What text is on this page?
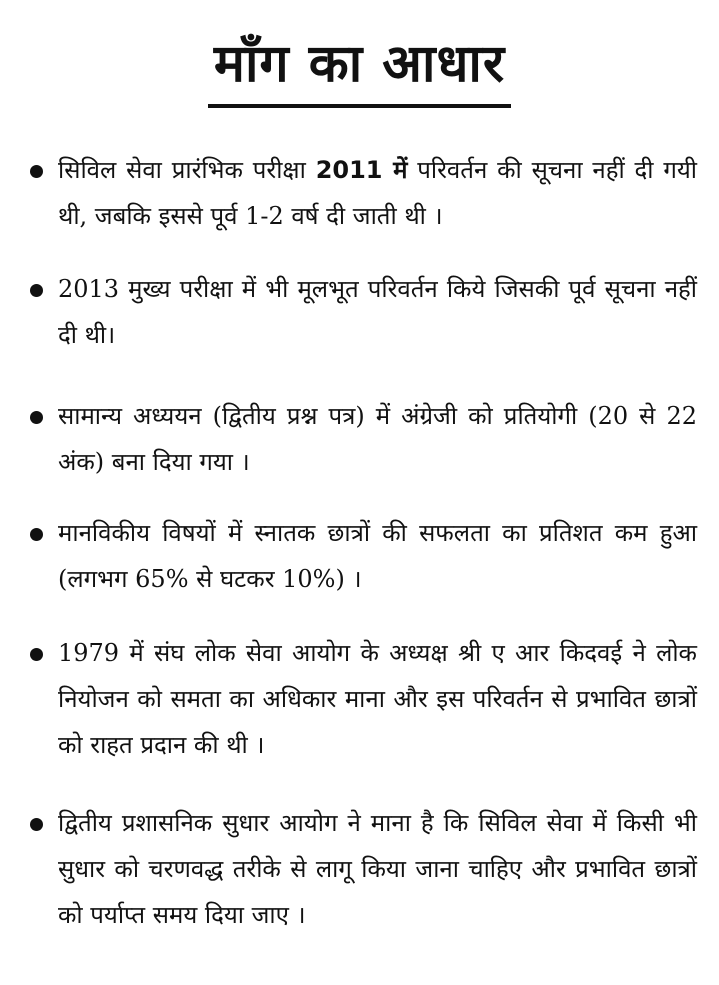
माँग का आधार
सिविल सेवा प्रारंभिक परीक्षा 2011 में परिवर्तन की सूचना नहीं दी गयी थी, जबकि इससे पूर्व 1-2 वर्ष दी जाती थी ।
2013 मुख्य परीक्षा में भी मूलभूत परिवर्तन किये जिसकी पूर्व सूचना नहीं दी थी।
सामान्य अध्ययन (द्वितीय प्रश्न पत्र) में अंग्रेजी को प्रतियोगी (20 से 22 अंक) बना दिया गया ।
मानविकीय विषयों में स्नातक छात्रों की सफलता का प्रतिशत कम हुआ (लगभग 65% से घटकर 10%) ।
1979 में संघ लोक सेवा आयोग के अध्यक्ष श्री ए आर किदवई ने लोक नियोजन को समता का अधिकार माना और इस परिवर्तन से प्रभावित छात्रों को राहत प्रदान की थी ।
द्वितीय प्रशासनिक सुधार आयोग ने माना है कि सिविल सेवा में किसी भी सुधार को चरणवद्ध तरीके से लागू किया जाना चाहिए और प्रभावित छात्रों को पर्याप्त समय दिया जाए ।
